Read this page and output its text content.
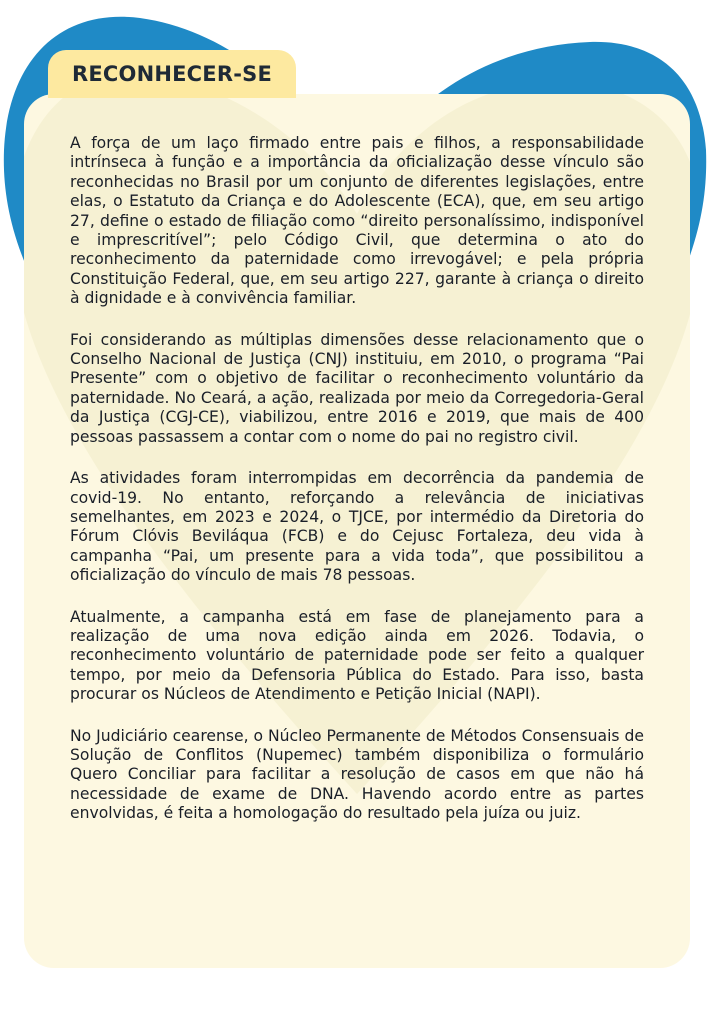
RECONHECER-SE

A força de um laço firmado entre pais e filhos, a responsabilidade intrínseca à função e a importância da oficialização desse vínculo são reconhecidas no Brasil por um conjunto de diferentes legislações, entre elas, o Estatuto da Criança e do Adolescente (ECA), que, em seu artigo 27, define o estado de filiação como “direito personalíssimo, indisponível e imprescritível”; pelo Código Civil, que determina o ato do reconhecimento da paternidade como irrevogável; e pela própria Constituição Federal, que, em seu artigo 227, garante à criança o direito à dignidade e à convivência familiar.

Foi considerando as múltiplas dimensões desse relacionamento que o Conselho Nacional de Justiça (CNJ) instituiu, em 2010, o programa “Pai Presente” com o objetivo de facilitar o reconhecimento voluntário da paternidade. No Ceará, a ação, realizada por meio da Corregedoria-Geral da Justiça (CGJ-CE), viabilizou, entre 2016 e 2019, que mais de 400 pessoas passassem a contar com o nome do pai no registro civil.

As atividades foram interrompidas em decorrência da pandemia de covid-19. No entanto, reforçando a relevância de iniciativas semelhantes, em 2023 e 2024, o TJCE, por intermédio da Diretoria do Fórum Clóvis Beviláqua (FCB) e do Cejusc Fortaleza, deu vida à campanha “Pai, um presente para a vida toda”, que possibilitou a oficialização do vínculo de mais 78 pessoas.

Atualmente, a campanha está em fase de planejamento para a realização de uma nova edição ainda em 2026. Todavia, o reconhecimento voluntário de paternidade pode ser feito a qualquer tempo, por meio da Defensoria Pública do Estado. Para isso, basta procurar os Núcleos de Atendimento e Petição Inicial (NAPI).

No Judiciário cearense, o Núcleo Permanente de Métodos Consensuais de Solução de Conflitos (Nupemec) também disponibiliza o formulário Quero Conciliar para facilitar a resolução de casos em que não há necessidade de exame de DNA. Havendo acordo entre as partes envolvidas, é feita a homologação do resultado pela juíza ou juiz.
